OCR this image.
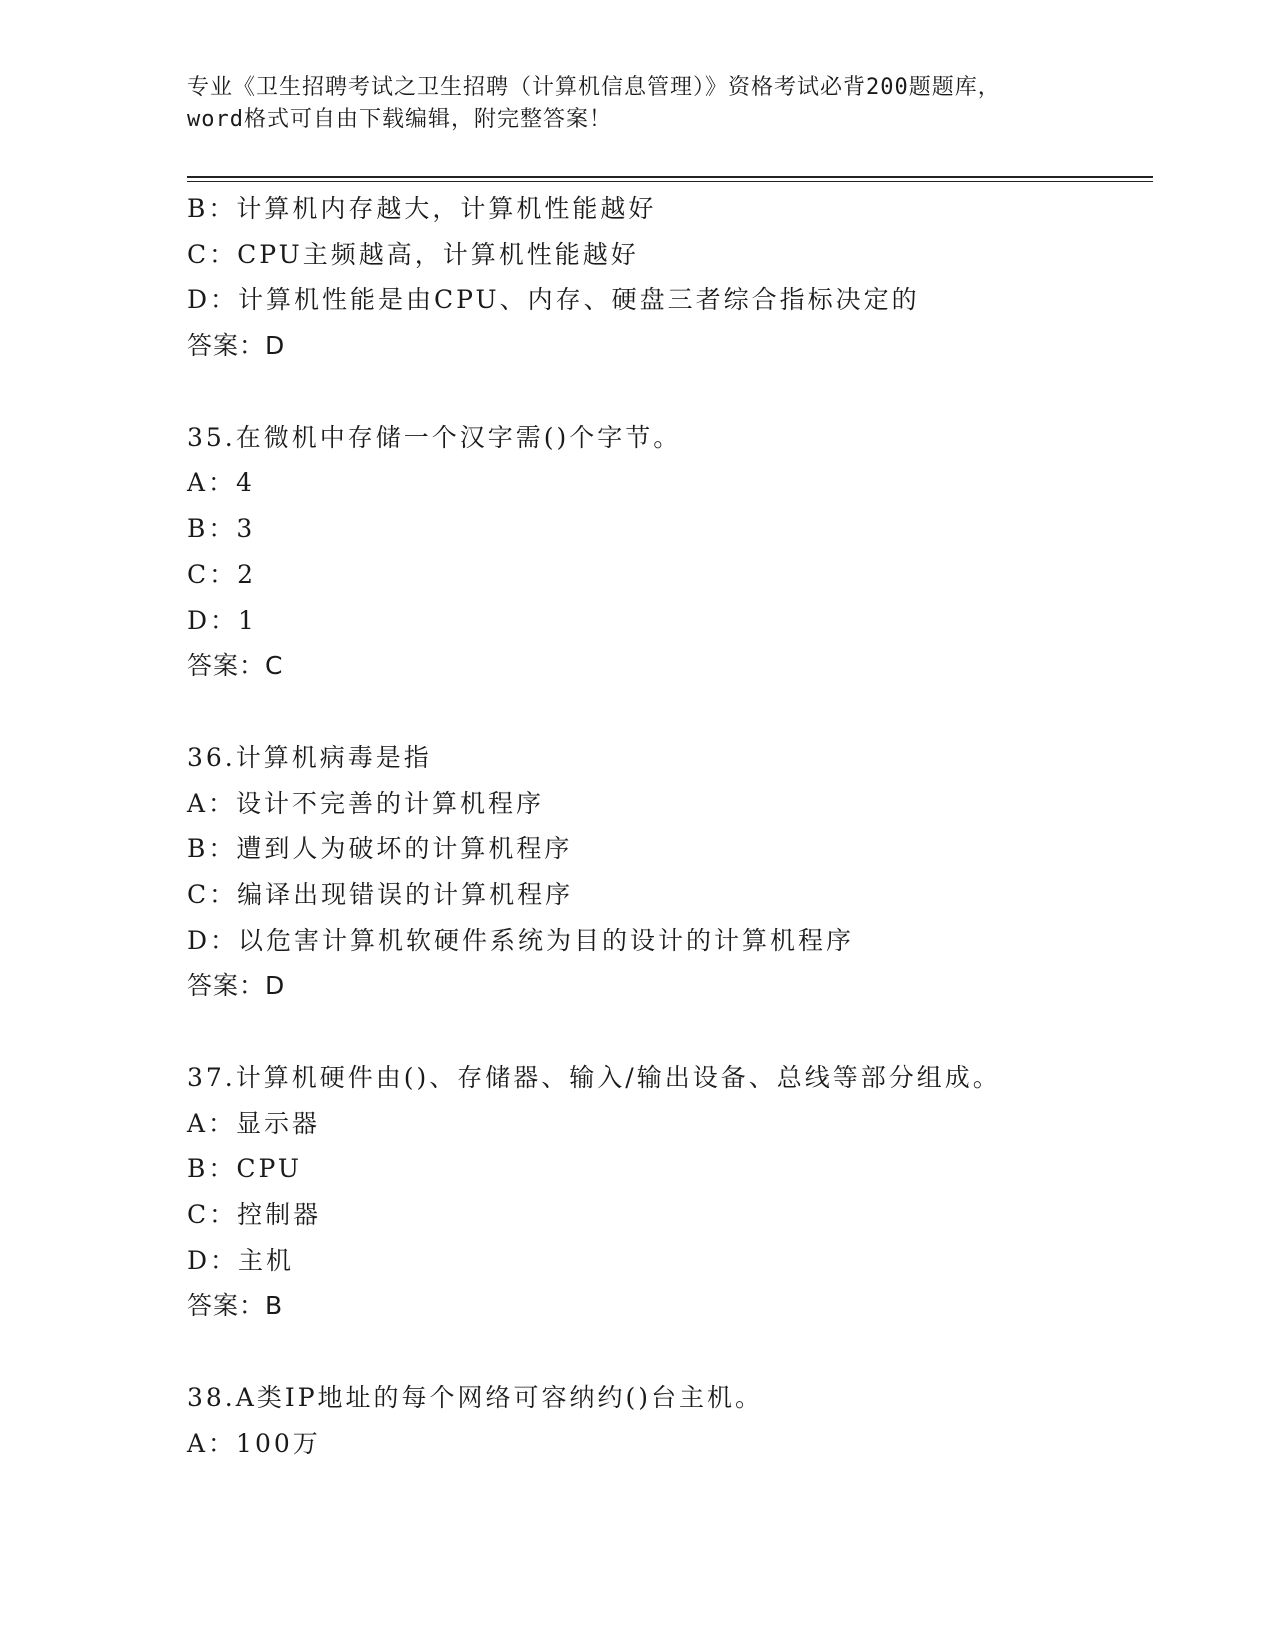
专业《卫生招聘考试之卫生招聘（计算机信息管理）》资格考试必背200题题库，
word格式可自由下载编辑，附完整答案！
B：计算机内存越大，计算机性能越好
C：CPU主频越高，计算机性能越好
D：计算机性能是由CPU、内存、硬盘三者综合指标决定的
答案：D
35.在微机中存储一个汉字需()个字节。
A：4
B：3
C：2
D：1
答案：C
36.计算机病毒是指
A：设计不完善的计算机程序
B：遭到人为破坏的计算机程序
C：编译出现错误的计算机程序
D：以危害计算机软硬件系统为目的设计的计算机程序
答案：D
37.计算机硬件由()、存储器、输入/输出设备、总线等部分组成。
A：显示器
B：CPU
C：控制器
D：主机
答案：B
38.A类IP地址的每个网络可容纳约()台主机。
A：100万
